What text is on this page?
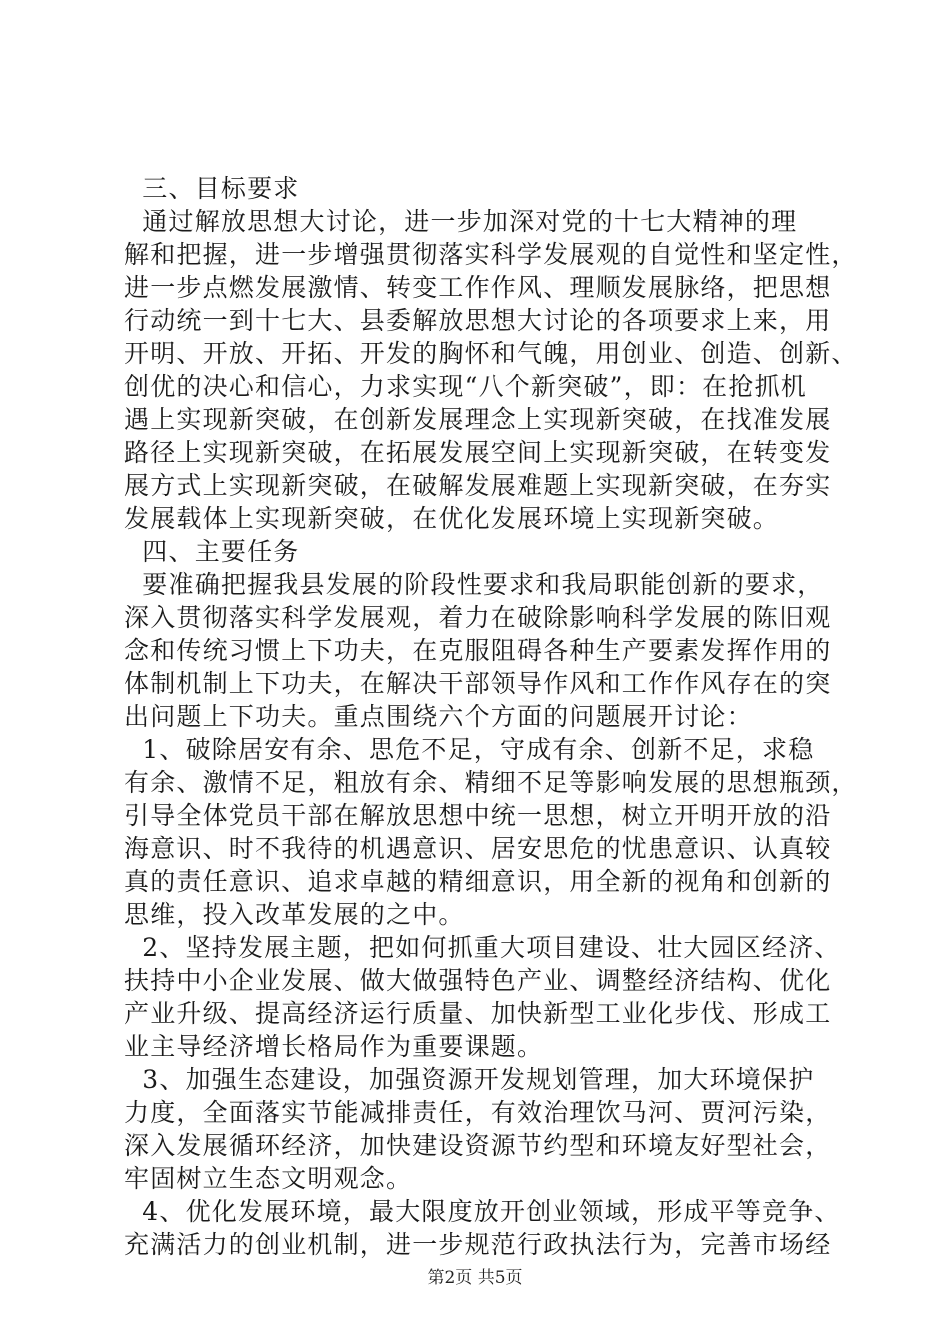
三、目标要求
通过解放思想大讨论，进一步加深对党的十七大精神的理
解和把握，进一步增强贯彻落实科学发展观的自觉性和坚定性，
进一步点燃发展激情、转变工作作风、理顺发展脉络，把思想
行动统一到十七大、县委解放思想大讨论的各项要求上来，用
开明、开放、开拓、开发的胸怀和气魄，用创业、创造、创新、
创优的决心和信心，力求实现“八个新突破”，即：在抢抓机
遇上实现新突破，在创新发展理念上实现新突破，在找准发展
路径上实现新突破，在拓展发展空间上实现新突破，在转变发
展方式上实现新突破，在破解发展难题上实现新突破，在夯实
发展载体上实现新突破，在优化发展环境上实现新突破。
四、主要任务
要准确把握我县发展的阶段性要求和我局职能创新的要求，
深入贯彻落实科学发展观，着力在破除影响科学发展的陈旧观
念和传统习惯上下功夫，在克服阻碍各种生产要素发挥作用的
体制机制上下功夫，在解决干部领导作风和工作作风存在的突
出问题上下功夫。重点围绕六个方面的问题展开讨论：
1、破除居安有余、思危不足，守成有余、创新不足，求稳
有余、激情不足，粗放有余、精细不足等影响发展的思想瓶颈，
引导全体党员干部在解放思想中统一思想，树立开明开放的沿
海意识、时不我待的机遇意识、居安思危的忧患意识、认真较
真的责任意识、追求卓越的精细意识，用全新的视角和创新的
思维，投入改革发展的之中。
2、坚持发展主题，把如何抓重大项目建设、壮大园区经济、
扶持中小企业发展、做大做强特色产业、调整经济结构、优化
产业升级、提高经济运行质量、加快新型工业化步伐、形成工
业主导经济增长格局作为重要课题。
3、加强生态建设，加强资源开发规划管理，加大环境保护
力度，全面落实节能减排责任，有效治理饮马河、贾河污染，
深入发展循环经济，加快建设资源节约型和环境友好型社会，
牢固树立生态文明观念。
4、优化发展环境，最大限度放开创业领域，形成平等竞争、
充满活力的创业机制，进一步规范行政执法行为，完善市场经
第2页 共5页
